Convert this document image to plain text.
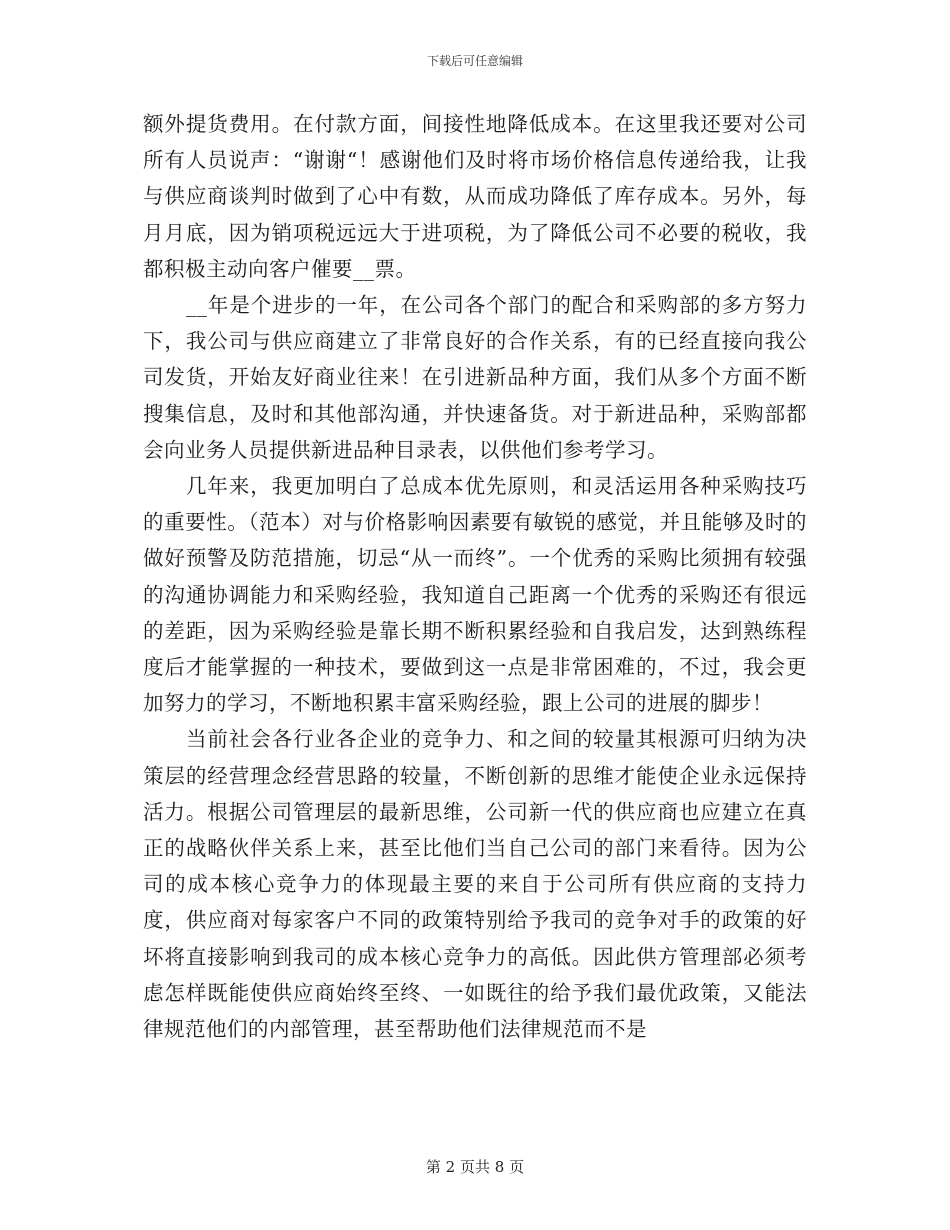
下载后可任意编辑

额外提货费用。在付款方面，间接性地降低成本。在这里我还要对公司所有人员说声：“谢谢“！感谢他们及时将市场价格信息传递给我，让我与供应商谈判时做到了心中有数，从而成功降低了库存成本。另外，每月月底，因为销项税远远大于进项税，为了降低公司不必要的税收，我都积极主动向客户催要__票。

__年是个进步的一年，在公司各个部门的配合和采购部的多方努力下，我公司与供应商建立了非常良好的合作关系，有的已经直接向我公司发货，开始友好商业往来！在引进新品种方面，我们从多个方面不断搜集信息，及时和其他部沟通，并快速备货。对于新进品种，采购部都会向业务人员提供新进品种目录表，以供他们参考学习。

几年来，我更加明白了总成本优先原则，和灵活运用各种采购技巧的重要性。（范本）对与价格影响因素要有敏锐的感觉，并且能够及时的做好预警及防范措施，切忌“从一而终”。一个优秀的采购比须拥有较强的沟通协调能力和采购经验，我知道自己距离一个优秀的采购还有很远的差距，因为采购经验是靠长期不断积累经验和自我启发，达到熟练程度后才能掌握的一种技术，要做到这一点是非常困难的，不过，我会更加努力的学习，不断地积累丰富采购经验，跟上公司的进展的脚步！

当前社会各行业各企业的竞争力、和之间的较量其根源可归纳为决策层的经营理念经营思路的较量，不断创新的思维才能使企业永远保持活力。根据公司管理层的最新思维，公司新一代的供应商也应建立在真正的战略伙伴关系上来，甚至比他们当自己公司的部门来看待。因为公司的成本核心竞争力的体现最主要的来自于公司所有供应商的支持力度，供应商对每家客户不同的政策特别给予我司的竞争对手的政策的好坏将直接影响到我司的成本核心竞争力的高低。因此供方管理部必须考虑怎样既能使供应商始终至终、一如既往的给予我们最优政策，又能法律规范他们的内部管理，甚至帮助他们法律规范而不是

第 2 页共 8 页
